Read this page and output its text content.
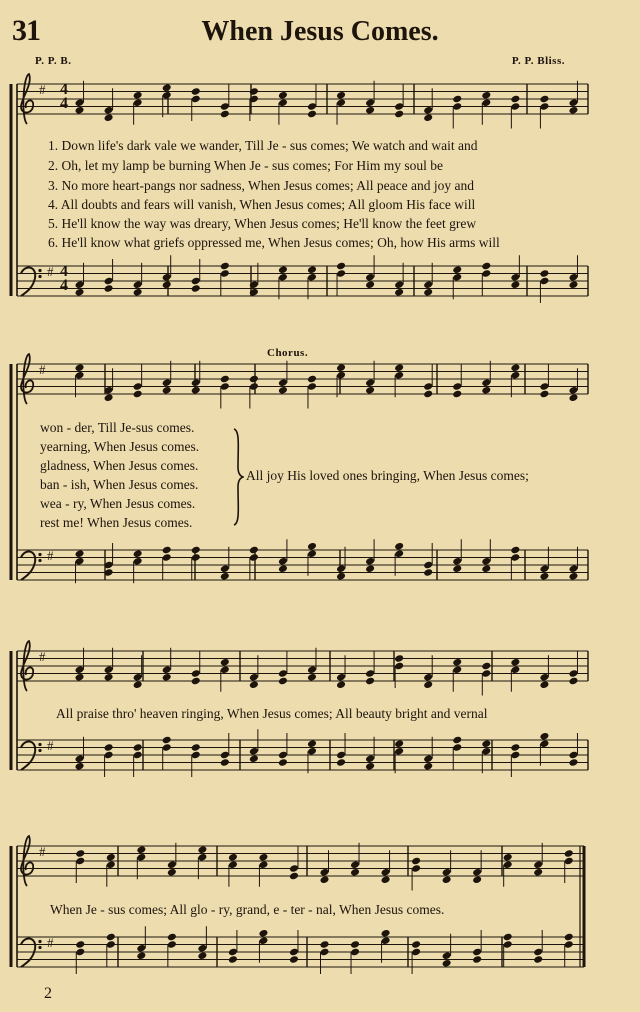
31	When Jesus Comes.
P. P. B.	P. P. Bliss.
#
#
#
#
#
#
#
#
4
4
4
4
1. Down life's dark vale we wander, Till Je - sus comes; We watch and wait and
2. Oh, let my lamp be burning When Je - sus comes; For Him my soul be
3. No more heart-pangs nor sadness, When Jesus comes; All peace and joy and
4. All doubts and fears will vanish, When Jesus comes; All gloom His face will
5. He'll know the way was dreary, When Jesus comes; He'll know the feet grew
6. He'll know what griefs oppressed me, When Jesus comes; Oh, how His arms will
Chorus.
won - der, Till Je-sus comes.
yearning, When Jesus comes.
gladness, When Jesus comes.
ban - ish, When Jesus comes.
wea - ry, When Jesus comes.
rest me! When Jesus comes.
All joy His loved ones bringing, When Jesus comes;
All praise thro' heaven ringing, When Jesus comes; All beauty bright and vernal
When Je - sus comes; All glo - ry, grand, e - ter - nal, When Jesus comes.
2
